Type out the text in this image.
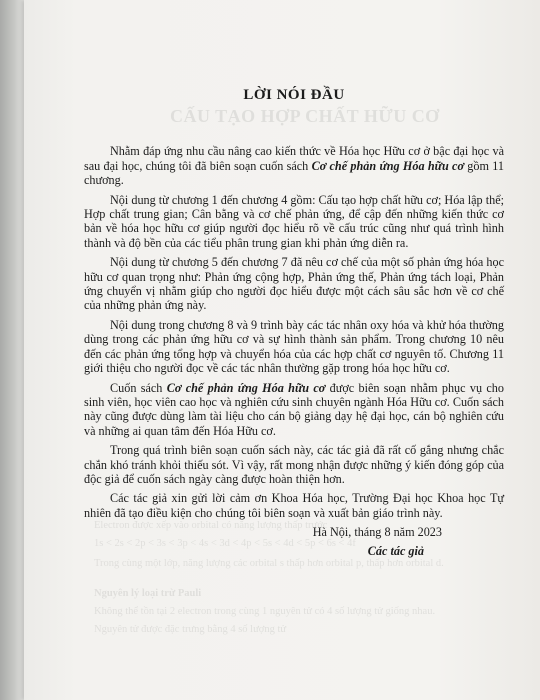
CẤU TẠO HỢP CHẤT HỮU CƠ
Electron được xếp vào orbital có năng lượng thấp trước
1s < 2s < 2p < 3s < 3p < 4s < 3d < 4p < 5s < 4d < 5p < 6s < 4f
Trong cùng một lớp, năng lượng các orbital s thấp hơn orbital p, thấp hơn orbital d.
Nguyên lý loại trừ Pauli
Không thể tồn tại 2 electron trong cùng 1 nguyên tử có 4 số lượng tử giống nhau.
Nguyên tử được đặc trưng bằng 4 số lượng tử
LỜI NÓI ĐẦU

Nhằm đáp ứng nhu cầu nâng cao kiến thức về Hóa học Hữu cơ ở bậc đại học và sau đại học, chúng tôi đã biên soạn cuốn sách Cơ chế phản ứng Hóa hữu cơ gồm 11 chương.

Nội dung từ chương 1 đến chương 4 gồm: Cấu tạo hợp chất hữu cơ; Hóa lập thể; Hợp chất trung gian; Cân bằng và cơ chế phản ứng, để cập đến những kiến thức cơ bản về hóa học hữu cơ giúp người đọc hiểu rõ về cấu trúc cũng như quá trình hình thành và độ bền của các tiểu phân trung gian khi phản ứng diễn ra.

Nội dung từ chương 5 đến chương 7 đã nêu cơ chế của một số phản ứng hóa học hữu cơ quan trọng như: Phản ứng cộng hợp, Phản ứng thế, Phản ứng tách loại, Phản ứng chuyển vị nhằm giúp cho người đọc hiểu được một cách sâu sắc hơn về cơ chế của những phản ứng này.

Nội dung trong chương 8 và 9 trình bày các tác nhân oxy hóa và khử hóa thường dùng trong các phản ứng hữu cơ và sự hình thành sản phẩm. Trong chương 10 nêu đến các phản ứng tổng hợp và chuyển hóa của các hợp chất cơ nguyên tố. Chương 11 giới thiệu cho người đọc về các tác nhân thường gặp trong hóa học hữu cơ.

Cuốn sách Cơ chế phản ứng Hóa hữu cơ được biên soạn nhằm phục vụ cho sinh viên, học viên cao học và nghiên cứu sinh chuyên ngành Hóa Hữu cơ. Cuốn sách này cũng được dùng làm tài liệu cho cán bộ giảng dạy hệ đại học, cán bộ nghiên cứu và những ai quan tâm đến Hóa Hữu cơ.

Trong quá trình biên soạn cuốn sách này, các tác giả đã rất cố gắng nhưng chắc chắn khó tránh khỏi thiếu sót. Vì vậy, rất mong nhận được những ý kiến đóng góp của độc giả để cuốn sách ngày càng được hoàn thiện hơn.

Các tác giả xin gửi lời cảm ơn Khoa Hóa học, Trường Đại học Khoa học Tự nhiên đã tạo điều kiện cho chúng tôi biên soạn và xuất bản giáo trình này.

Hà Nội, tháng 8 năm 2023
Các tác giả
